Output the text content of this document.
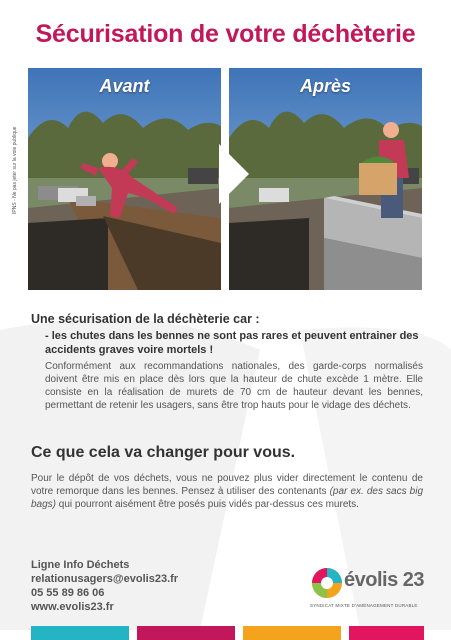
Sécurisation de votre déchèterie
IPNS - Ne pas jeter sur la voie publique
Avant	Après
Une sécurisation de la déchèterie car :
- les chutes dans les bennes ne sont pas rares et peuvent entrainer des accidents graves voire mortels !
Conformément aux recommandations nationales, des garde-corps normalisés doivent être mis en place dès lors que la hauteur de chute excède 1 mètre. Elle consiste en la réalisation de murets de 70 cm de hauteur devant les bennes, permettant de retenir les usagers, sans être trop hauts pour le vidage des déchets.
Ce que cela va changer pour vous.
Pour le dépôt de vos déchets, vous ne pouvez plus vider directement le contenu de votre remorque dans les bennes. Pensez à utiliser des contenants (par ex. des sacs big bags) qui pourront aisément être posés puis vidés par-dessus ces murets.
Ligne Info Déchets
relationusagers@evolis23.fr
05 55 89 86 06
www.evolis23.fr
évolis 23
SYNDICAT MIXTE D'AMÉNAGEMENT DURABLE
